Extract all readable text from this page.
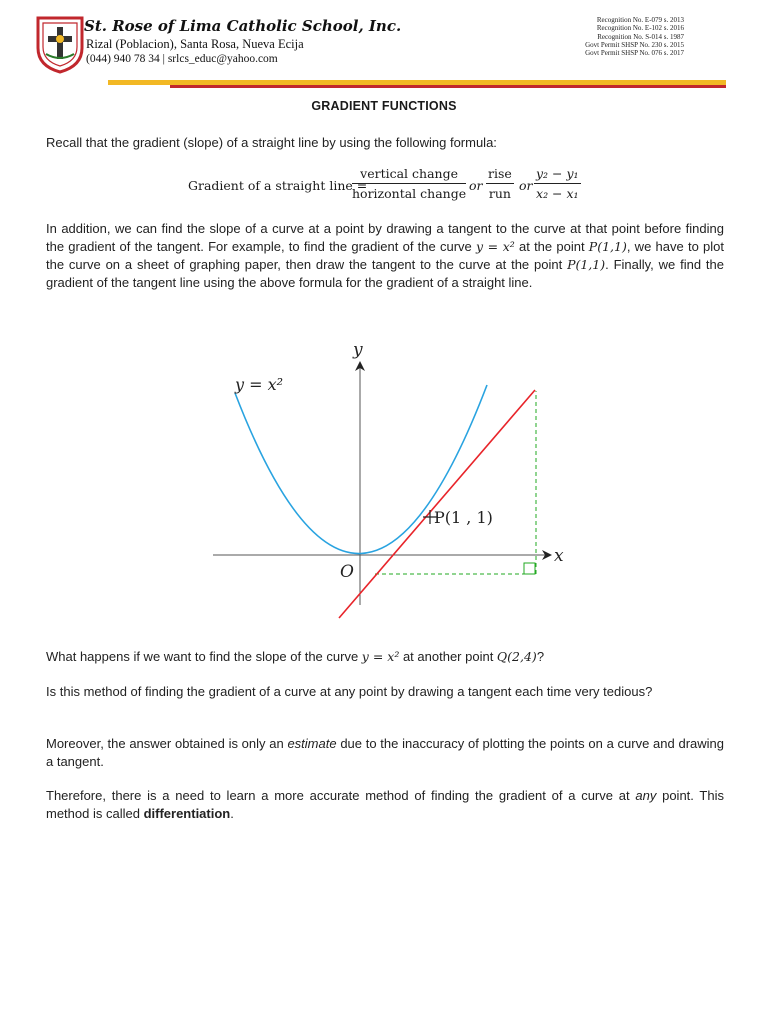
St. Rose of Lima Catholic School, Inc.
Rizal (Poblacion), Santa Rosa, Nueva Ecija
(044) 940 78 34 | srlcs_educ@yahoo.com
Recognition No. E-079 s. 2013
Recognition No. E-102 s. 2016
Recognition No. S-014 s. 1987
Govt Permit SHSP No. 230 s. 2015
Govt Permit SHSP No. 076 s. 2017
GRADIENT FUNCTIONS
Recall that the gradient (slope) of a straight line by using the following formula:
Gradient of a straight line =
vertical change
horizontal change
or
rise
run
or $\frac{\text{y₂ − y₁}}{\text{x₂ − x₁}}$
In addition, we can find the slope of a curve at a point by drawing a tangent to the curve at that point before finding the gradient of the tangent. For example, to find the gradient of the curve y = x² at the point P(1,1), we have to plot the curve on a sheet of graphing paper, then draw the tangent to the curve at the point P(1,1). Finally, we find the gradient of the tangent line using the above formula for the gradient of a straight line.
y = x²
P(1 , 1)
x
y
O
What happens if we want to find the slope of the curve y = x² at another point Q(2,4)?
Is this method of finding the gradient of a curve at any point by drawing a tangent each time very tedious?
Moreover, the answer obtained is only an estimate due to the inaccuracy of plotting the points on a curve and drawing a tangent.
Therefore, there is a need to learn a more accurate method of finding the gradient of a curve at any point. This method is called differentiation.
